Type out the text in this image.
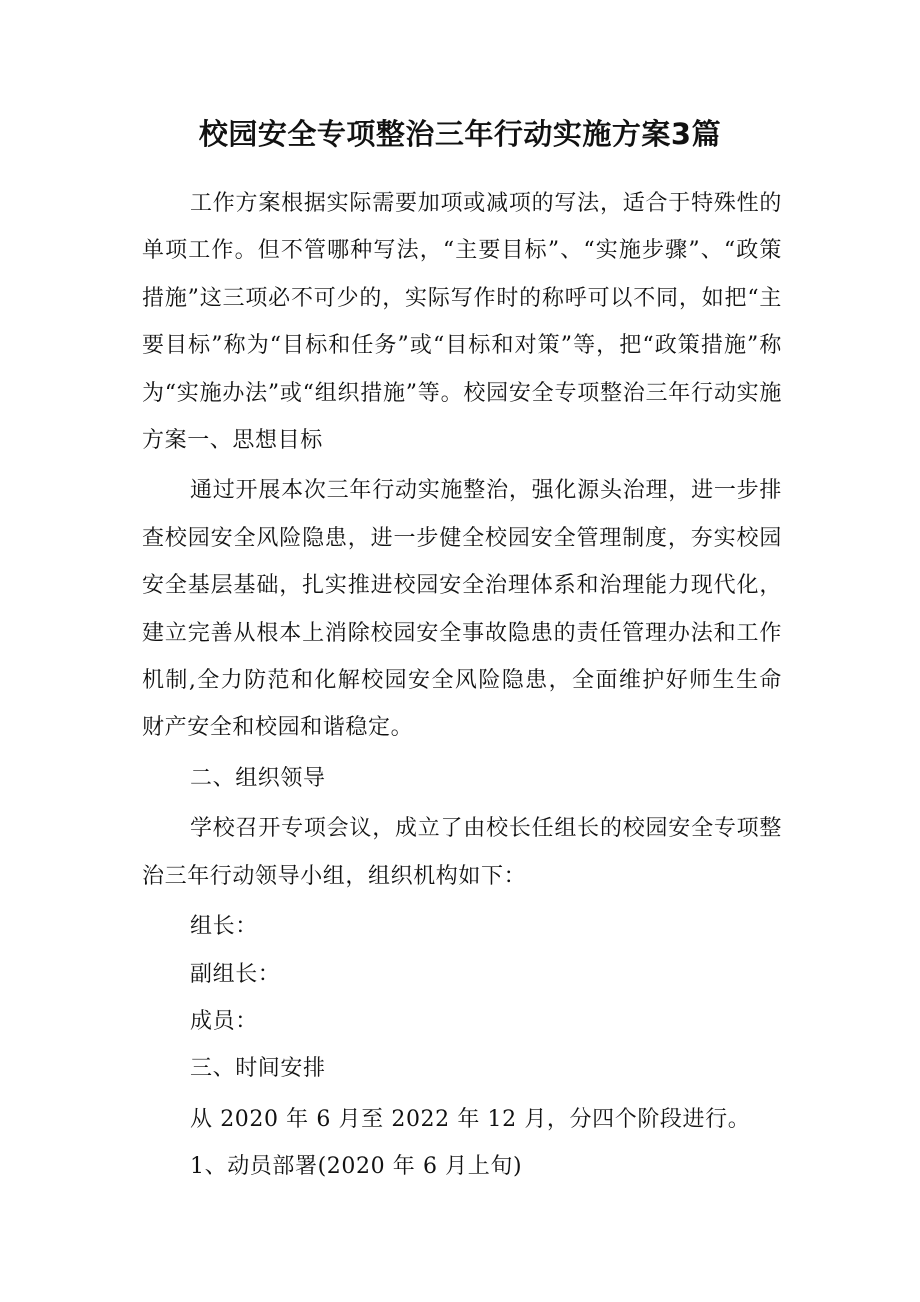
校园安全专项整治三年行动实施方案3篇

工作方案根据实际需要加项或减项的写法，适合于特殊性的单项工作。但不管哪种写法，“主要目标”、“实施步骤”、“政策措施”这三项必不可少的，实际写作时的称呼可以不同，如把“主要目标”称为“目标和任务”或“目标和对策”等，把“政策措施”称为“实施办法”或“组织措施”等。校园安全专项整治三年行动实施方案一、思想目标

通过开展本次三年行动实施整治，强化源头治理，进一步排查校园安全风险隐患，进一步健全校园安全管理制度，夯实校园安全基层基础，扎实推进校园安全治理体系和治理能力现代化，建立完善从根本上消除校园安全事故隐患的责任管理办法和工作机制,全力防范和化解校园安全风险隐患，全面维护好师生生命财产安全和校园和谐稳定。

二、组织领导

学校召开专项会议，成立了由校长任组长的校园安全专项整治三年行动领导小组，组织机构如下：

组长：

副组长：

成员：

三、时间安排

从 2020 年 6 月至 2022 年 12 月，分四个阶段进行。

1、动员部署(2020 年 6 月上旬)
